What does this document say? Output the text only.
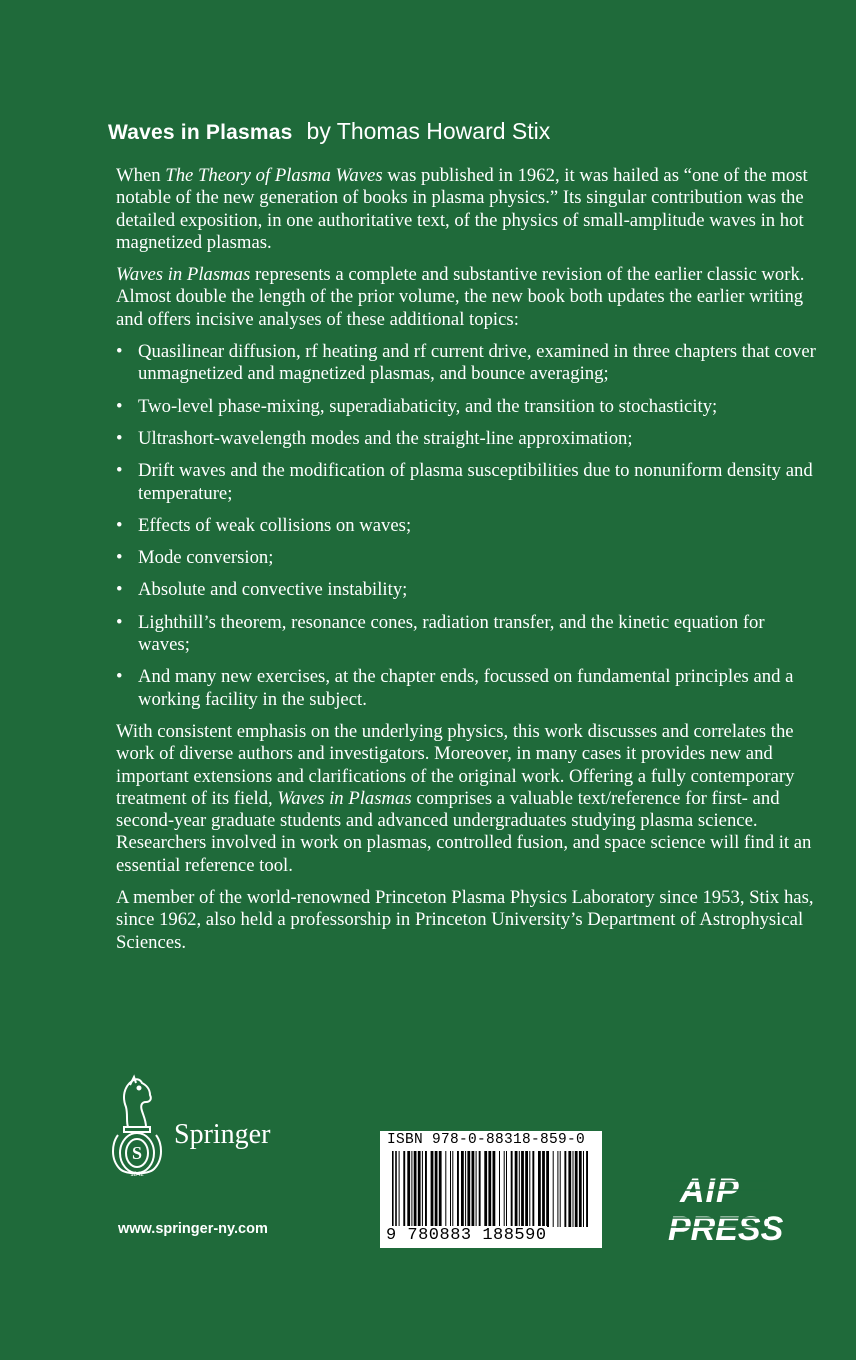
Waves in Plasmas by Thomas Howard Stix

When The Theory of Plasma Waves was published in 1962, it was hailed as “one of the most notable of the new generation of books in plasma physics.” Its singular contribution was the detailed exposition, in one authoritative text, of the physics of small-amplitude waves in hot magnetized plasmas.

Waves in Plasmas represents a complete and substantive revision of the earlier classic work. Almost double the length of the prior volume, the new book both updates the earlier writing and offers incisive analyses of these additional topics:

• Quasilinear diffusion, rf heating and rf current drive, examined in three chapters that cover unmagnetized and magnetized plasmas, and bounce averaging;
• Two-level phase-mixing, superadiabaticity, and the transition to stochasticity;
• Ultrashort-wavelength modes and the straight-line approximation;
• Drift waves and the modification of plasma susceptibilities due to nonuniform density and temperature;
• Effects of weak collisions on waves;
• Mode conversion;
• Absolute and convective instability;
• Lighthill’s theorem, resonance cones, radiation transfer, and the kinetic equation for waves;
• And many new exercises, at the chapter ends, focussed on fundamental principles and a working facility in the subject.

With consistent emphasis on the underlying physics, this work discusses and correlates the work of diverse authors and investigators. Moreover, in many cases it provides new and important extensions and clarifications of the original work. Offering a fully contemporary treatment of its field, Waves in Plasmas comprises a valuable text/reference for first- and second-year graduate students and advanced undergraduates studying plasma science. Researchers involved in work on plasmas, controlled fusion, and space science will find it an essential reference tool.

A member of the world-renowned Princeton Plasma Physics Laboratory since 1953, Stix has, since 1962, also held a professorship in Princeton University’s Department of Astrophysical Sciences.

S
1842
Springer
www.springer-ny.com
ISBN 978-0-88318-859-0
9 780883 188590
AIP
PRESS
